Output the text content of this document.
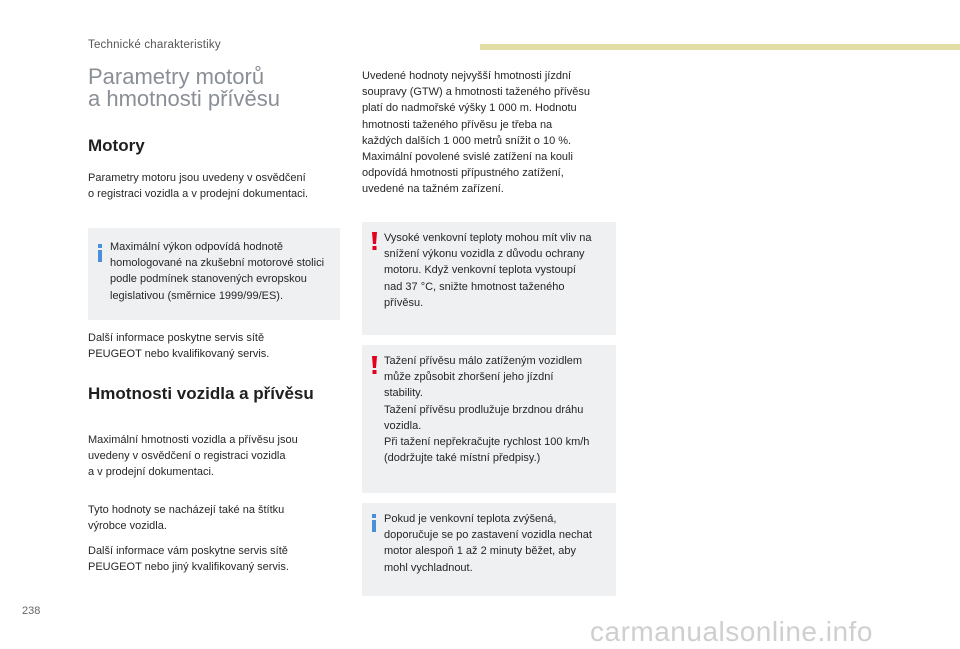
Technické charakteristiky
Parametry motorů
a hmotnosti přívěsu
Motory
Parametry motoru jsou uvedeny v osvědčení
o registraci vozidla a v prodejní dokumentaci.
Maximální výkon odpovídá hodnotě
homologované na zkušební motorové stolici
podle podmínek stanovených evropskou
legislativou (směrnice 1999/99/ES).
Další informace poskytne servis sítě
PEUGEOT nebo kvalifikovaný servis.
Hmotnosti vozidla a přívěsu
Maximální hmotnosti vozidla a přívěsu jsou
uvedeny v osvědčení o registraci vozidla
a v prodejní dokumentaci.
Tyto hodnoty se nacházejí také na štítku
výrobce vozidla.
Další informace vám poskytne servis sítě
PEUGEOT nebo jiný kvalifikovaný servis.
Uvedené hodnoty nejvyšší hmotnosti jízdní
soupravy (GTW) a hmotnosti taženého přívěsu
platí do nadmořské výšky 1 000 m. Hodnotu
hmotnosti taženého přívěsu je třeba na
každých dalších 1 000 metrů snížit o 10 %.
Maximální povolené svislé zatížení na kouli
odpovídá hmotnosti přípustného zatížení,
uvedené na tažném zařízení.
Vysoké venkovní teploty mohou mít vliv na
snížení výkonu vozidla z důvodu ochrany
motoru. Když venkovní teplota vystoupí
nad 37 °C, snižte hmotnost taženého
přívěsu.
Tažení přívěsu málo zatíženým vozidlem
může způsobit zhoršení jeho jízdní
stability.
Tažení přívěsu prodlužuje brzdnou dráhu
vozidla.
Při tažení nepřekračujte rychlost 100 km/h
(dodržujte také místní předpisy.)
Pokud je venkovní teplota zvýšená,
doporučuje se po zastavení vozidla nechat
motor alespoň 1 až 2 minuty běžet, aby
mohl vychladnout.
238
carmanualsonline.info
